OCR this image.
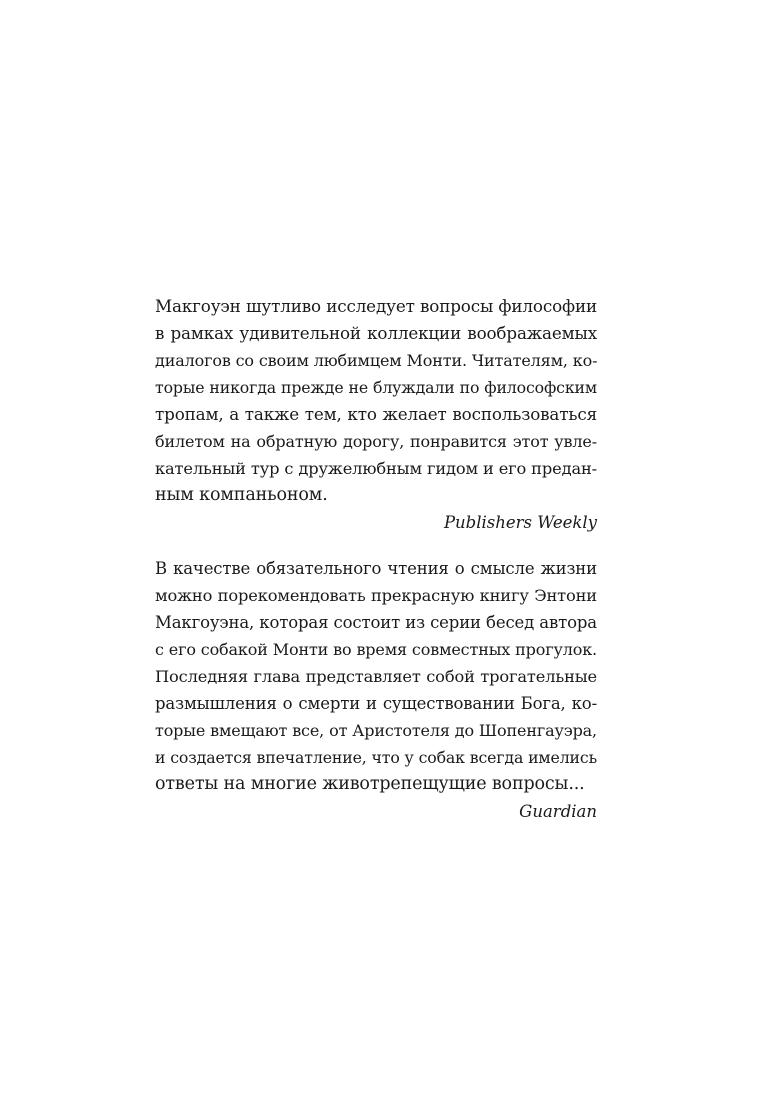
Макгоуэн шутливо исследует вопросы философии
в рамках удивительной коллекции воображаемых
диалогов со своим любимцем Монти. Читателям, ко-
торые никогда прежде не блуждали по философским
тропам, а также тем, кто желает воспользоваться
билетом на обратную дорогу, понравится этот увле-
кательный тур с дружелюбным гидом и его предан-
ным компаньоном.
Publishers Weekly
В качестве обязательного чтения о смысле жизни
можно порекомендовать прекрасную книгу Энтони
Макгоуэна, которая состоит из серии бесед автора
с его собакой Монти во время совместных прогулок.
Последняя глава представляет собой трогательные
размышления о смерти и существовании Бога, ко-
торые вмещают все, от Аристотеля до Шопенгауэра,
и создается впечатление, что у собак всегда имелись
ответы на многие животрепещущие вопросы...
Guardian
